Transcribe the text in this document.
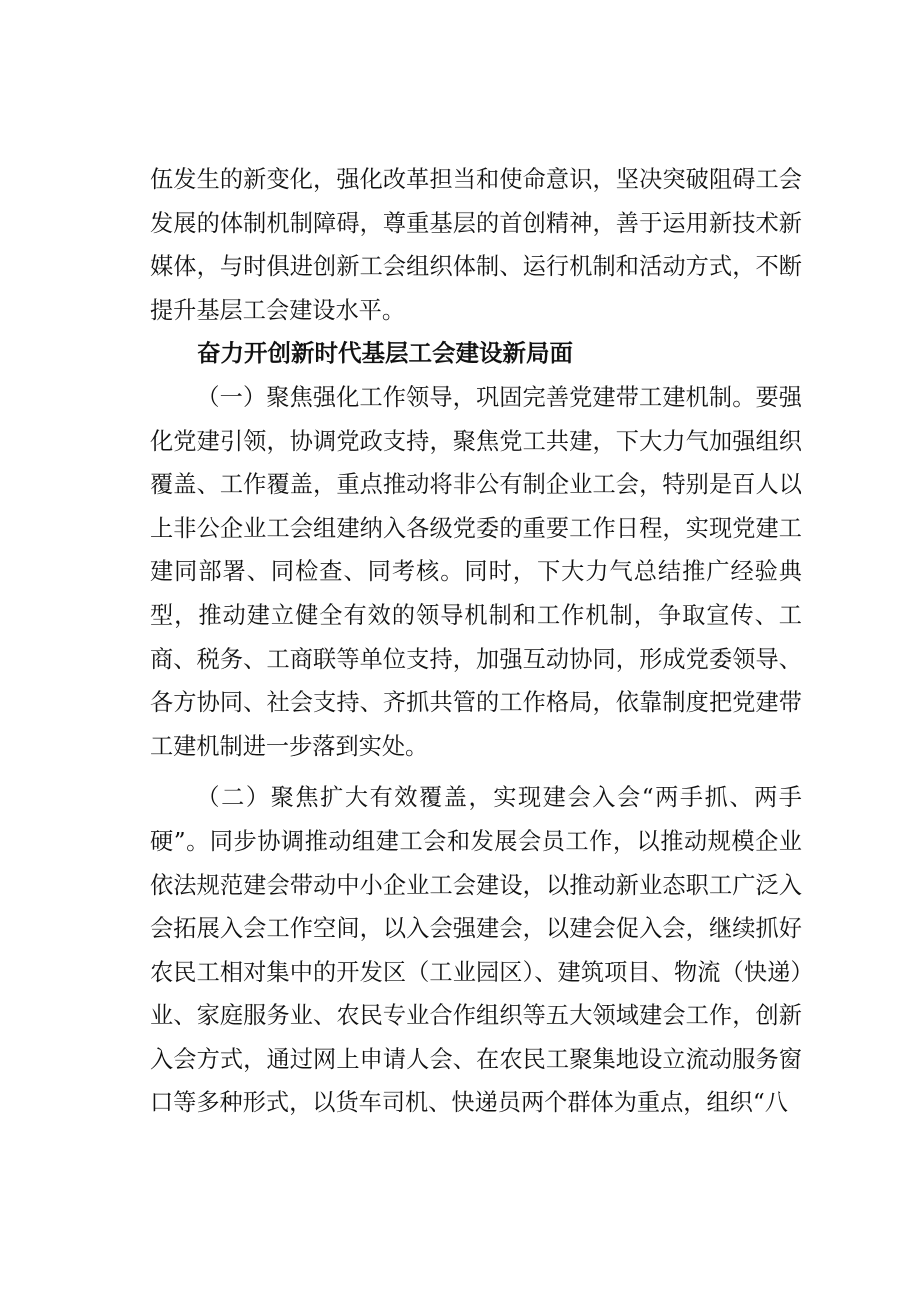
伍发生的新变化，强化改革担当和使命意识，坚决突破阻碍工会发展的体制机制障碍，尊重基层的首创精神，善于运用新技术新媒体，与时俱进创新工会组织体制、运行机制和活动方式，不断提升基层工会建设水平。

奋力开创新时代基层工会建设新局面

（一）聚焦强化工作领导，巩固完善党建带工建机制。要强化党建引领，协调党政支持，聚焦党工共建，下大力气加强组织覆盖、工作覆盖，重点推动将非公有制企业工会，特别是百人以上非公企业工会组建纳入各级党委的重要工作日程，实现党建工建同部署、同检查、同考核。同时，下大力气总结推广经验典型，推动建立健全有效的领导机制和工作机制，争取宣传、工商、税务、工商联等单位支持，加强互动协同，形成党委领导、各方协同、社会支持、齐抓共管的工作格局，依靠制度把党建带工建机制进一步落到实处。

（二）聚焦扩大有效覆盖，实现建会入会“两手抓、两手硬”。同步协调推动组建工会和发展会员工作，以推动规模企业依法规范建会带动中小企业工会建设，以推动新业态职工广泛入会拓展入会工作空间，以入会强建会，以建会促入会，继续抓好农民工相对集中的开发区（工业园区）、建筑项目、物流（快递）业、家庭服务业、农民专业合作组织等五大领域建会工作，创新入会方式，通过网上申请人会、在农民工聚集地设立流动服务窗口等多种形式，以货车司机、快递员两个群体为重点，组织“八
